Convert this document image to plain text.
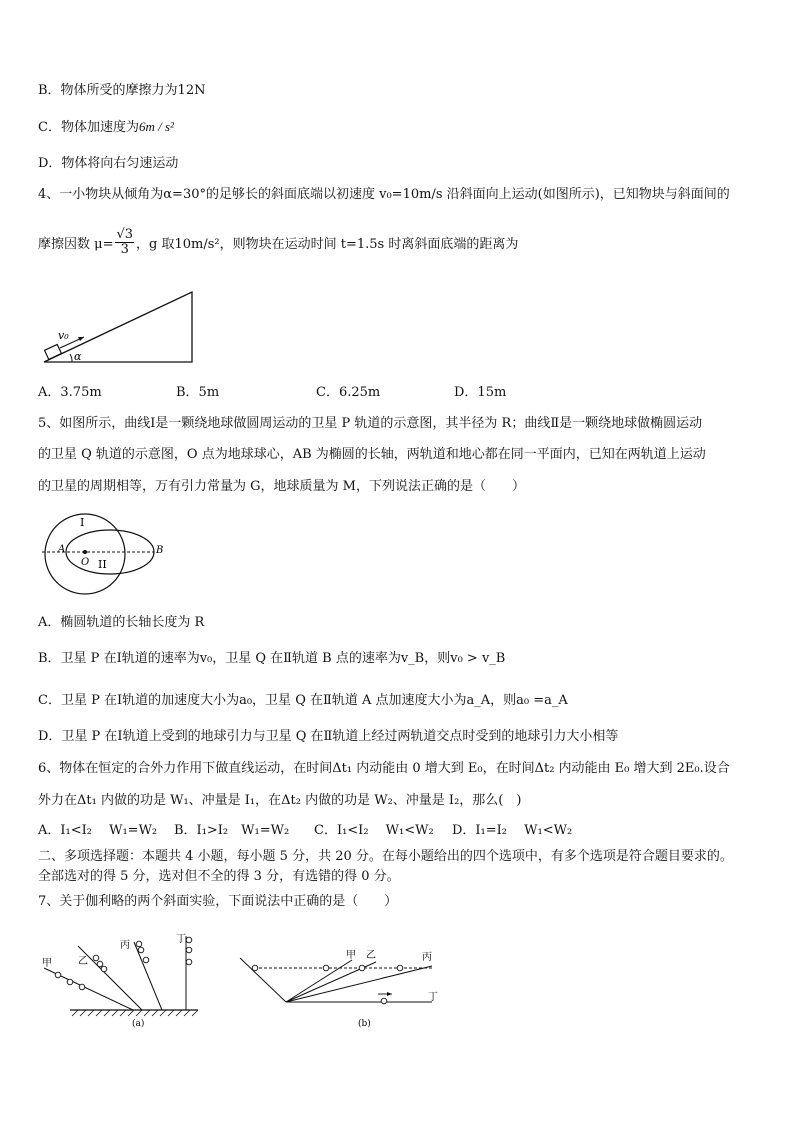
B．物体所受的摩擦力为12N
C．物体加速度为6m / s²
D．物体将向右匀速运动
4、一小物块从倾角为α=30°的足够长的斜面底端以初速度 v₀=10m/s 沿斜面向上运动(如图所示)，已知物块与斜面间的
摩擦因数 $\mu= \frac{√3}{3}$ ，g 取10m/s²，则物块在运动时间 t=1.5s 时离斜面底端的距离为
v₀
α
A．3.75m	B．5m	C．6.25m	D．15m
5、如图所示，曲线Ⅰ是一颗绕地球做圆周运动的卫星 P 轨道的示意图，其半径为 R；曲线Ⅱ是一颗绕地球做椭圆运动
的卫星 Q 轨道的示意图，O 点为地球球心，AB 为椭圆的长轴，两轨道和地心都在同一平面内，已知在两轨道上运动
的卫星的周期相等，万有引力常量为 G，地球质量为 M，下列说法正确的是（　　）
I
II
A	B
O
A．椭圆轨道的长轴长度为 R
B．卫星 P 在Ⅰ轨道的速率为v₀，卫星 Q 在Ⅱ轨道 B 点的速率为v_B，则v₀ > v_B
C．卫星 P 在Ⅰ轨道的加速度大小为a₀，卫星 Q 在Ⅱ轨道 A 点加速度大小为a_A，则a₀ =a_A
D．卫星 P 在Ⅰ轨道上受到的地球引力与卫星 Q 在Ⅱ轨道上经过两轨道交点时受到的地球引力大小相等
6、物体在恒定的合外力作用下做直线运动，在时间Δt₁ 内动能由 0 增大到 E₀，在时间Δt₂ 内动能由 E₀ 增大到 2E₀.设合
外力在Δt₁ 内做的功是 W₁、冲量是 I₁，在Δt₂ 内做的功是 W₂、冲量是 I₂，那么(　)
A．I₁<I₂　 W₁=W₂ B．I₁>I₂　W₁=W₂ C．I₁<I₂　 W₁<W₂ D．I₁=I₂　 W₁<W₂
二、多项选择题：本题共 4 小题，每小题 5 分，共 20 分。在每小题给出的四个选项中，有多个选项是符合题目要求的。
全部选对的得 5 分，选对但不全的得 3 分，有选错的得 0 分。
7、关于伽利略的两个斜面实验，下面说法中正确的是（　　）
甲	乙
丙
丁
(a)
甲 乙	丙
丁
(b)
